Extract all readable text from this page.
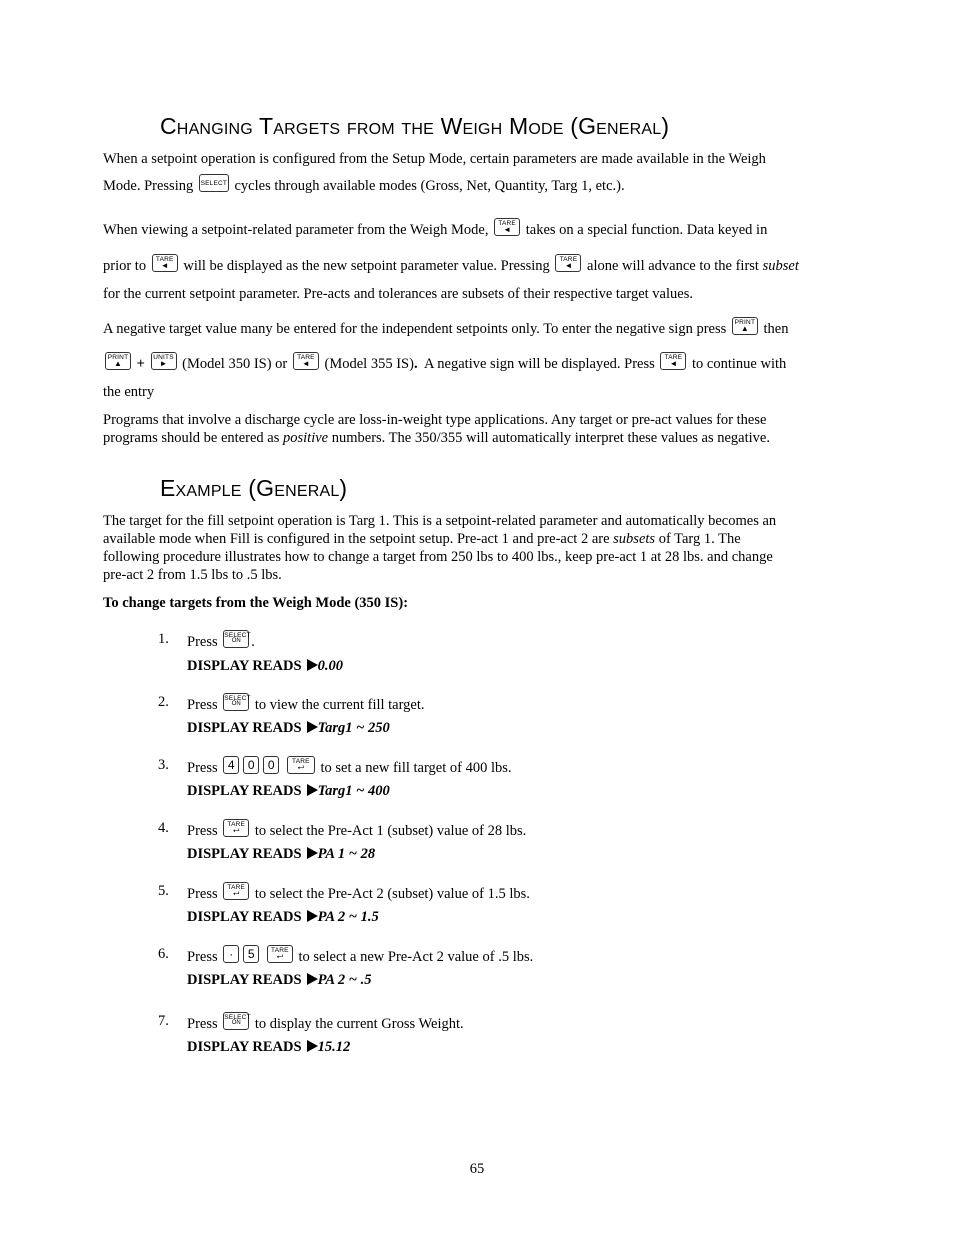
Changing Targets from the Weigh Mode (General)
When a setpoint operation is configured from the Setup Mode, certain parameters are made available in the Weigh
Mode. Pressing SELECT cycles through available modes (Gross, Net, Quantity, Targ 1, etc.).
When viewing a setpoint-related parameter from the Weigh Mode,	TARE
◄	takes on a special function. Data keyed in
prior to	TARE
◄	will be displayed as the new setpoint parameter value. Pressing	TARE
◄	alone will advance to the first subset
for the current setpoint parameter. Pre-acts and tolerances are subsets of their respective target values.
A negative target value many be entered for the independent setpoints only. To enter the negative sign press PRINT
▲	then
PRINT
▲	+ UNITS
►	(Model 350 IS) or	TARE
◄	(Model 355 IS). A negative sign will be displayed. Press	TARE
◄	to continue with
the entry
Programs that involve a discharge cycle are loss-in-weight type applications. Any target or pre-act values for these
programs should be entered as positive numbers. The 350/355 will automatically interpret these values as negative.
Example (General)
The target for the fill setpoint operation is Targ 1. This is a setpoint-related parameter and automatically becomes an
available mode when Fill is configured in the setpoint setup. Pre-act 1 and pre-act 2 are subsets of Targ 1. The
following procedure illustrates how to change a target from 250 lbs to 400 lbs., keep pre-act 1 at 28 lbs. and change
pre-act 2 from 1.5 lbs to .5 lbs.
To change targets from the Weigh Mode (350 IS):
1. Press SELECT
ON .
DISPLAY READS 0.00
2. Press SELECT
ON to view the current fill target.
DISPLAY READS Targ1 ~ 250
3. Press 4	0	0
	TARE
⮠	to set a new fill target of 400 lbs.
DISPLAY READS Targ1 ~ 400
4. Press	TARE
⮠	to select the Pre-Act 1 (subset) value of 28 lbs.
DISPLAY READS PA 1 ~ 28
5. Press	TARE
⮠	to select the Pre-Act 2 (subset) value of 1.5 lbs.
DISPLAY READS PA 2 ~ 1.5
6. Press ·	5
	TARE
⮠	to select a new Pre-Act 2 value of .5 lbs.
DISPLAY READS PA 2 ~ .5
7. Press SELECT
ON to display the current Gross Weight.
DISPLAY READS 15.12
65
